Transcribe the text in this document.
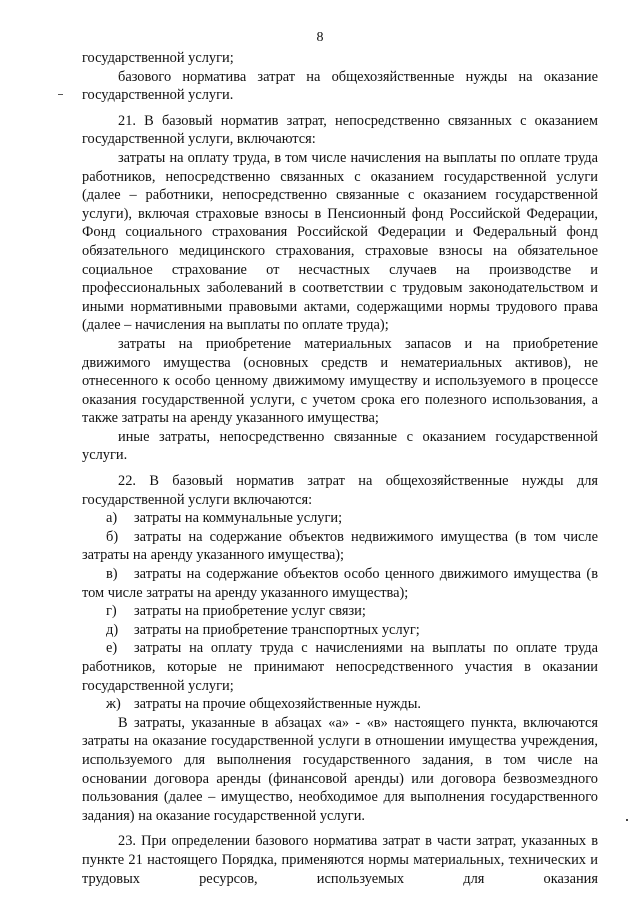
8

государственной услуги;

базового норматива затрат на общехозяйственные нужды на оказание государственной услуги.

21. В базовый норматив затрат, непосредственно связанных с оказанием государственной услуги, включаются:

затраты на оплату труда, в том числе начисления на выплаты по оплате труда работников, непосредственно связанных с оказанием государственной услуги (далее – работники, непосредственно связанные с оказанием государственной услуги), включая страховые взносы в Пенсионный фонд Российской Федерации, Фонд социального страхования Российской Федерации и Федеральный фонд обязательного медицинского страхования, страховые взносы на обязательное социальное страхование от несчастных случаев на производстве и профессиональных заболеваний в соответствии с трудовым законодательством и иными нормативными правовыми актами, содержащими нормы трудового права (далее – начисления на выплаты по оплате труда);

затраты на приобретение материальных запасов и на приобретение движимого имущества (основных средств и нематериальных активов), не отнесенного к особо ценному движимому имуществу и используемого в процессе оказания государственной услуги, с учетом срока его полезного использования, а также затраты на аренду указанного имущества;

иные затраты, непосредственно связанные с оказанием государственной услуги.

22. В базовый норматив затрат на общехозяйственные нужды для государственной услуги включаются:

а) затраты на коммунальные услуги;

б) затраты на содержание объектов недвижимого имущества (в том числе затраты на аренду указанного имущества);

в) затраты на содержание объектов особо ценного движимого имущества (в том числе затраты на аренду указанного имущества);

г) затраты на приобретение услуг связи;

д) затраты на приобретение транспортных услуг;

е) затраты на оплату труда с начислениями на выплаты по оплате труда работников, которые не принимают непосредственного участия в оказании государственной услуги;

ж) затраты на прочие общехозяйственные нужды.

В затраты, указанные в абзацах «а» - «в» настоящего пункта, включаются затраты на оказание государственной услуги в отношении имущества учреждения, используемого для выполнения государственного задания, в том числе на основании договора аренды (финансовой аренды) или договора безвозмездного пользования (далее – имущество, необходимое для выполнения государственного задания) на оказание государственной услуги.

23. При определении базового норматива затрат в части затрат, указанных в пункте 21 настоящего Порядка, применяются нормы материальных, технических и трудовых ресурсов, используемых для оказания
